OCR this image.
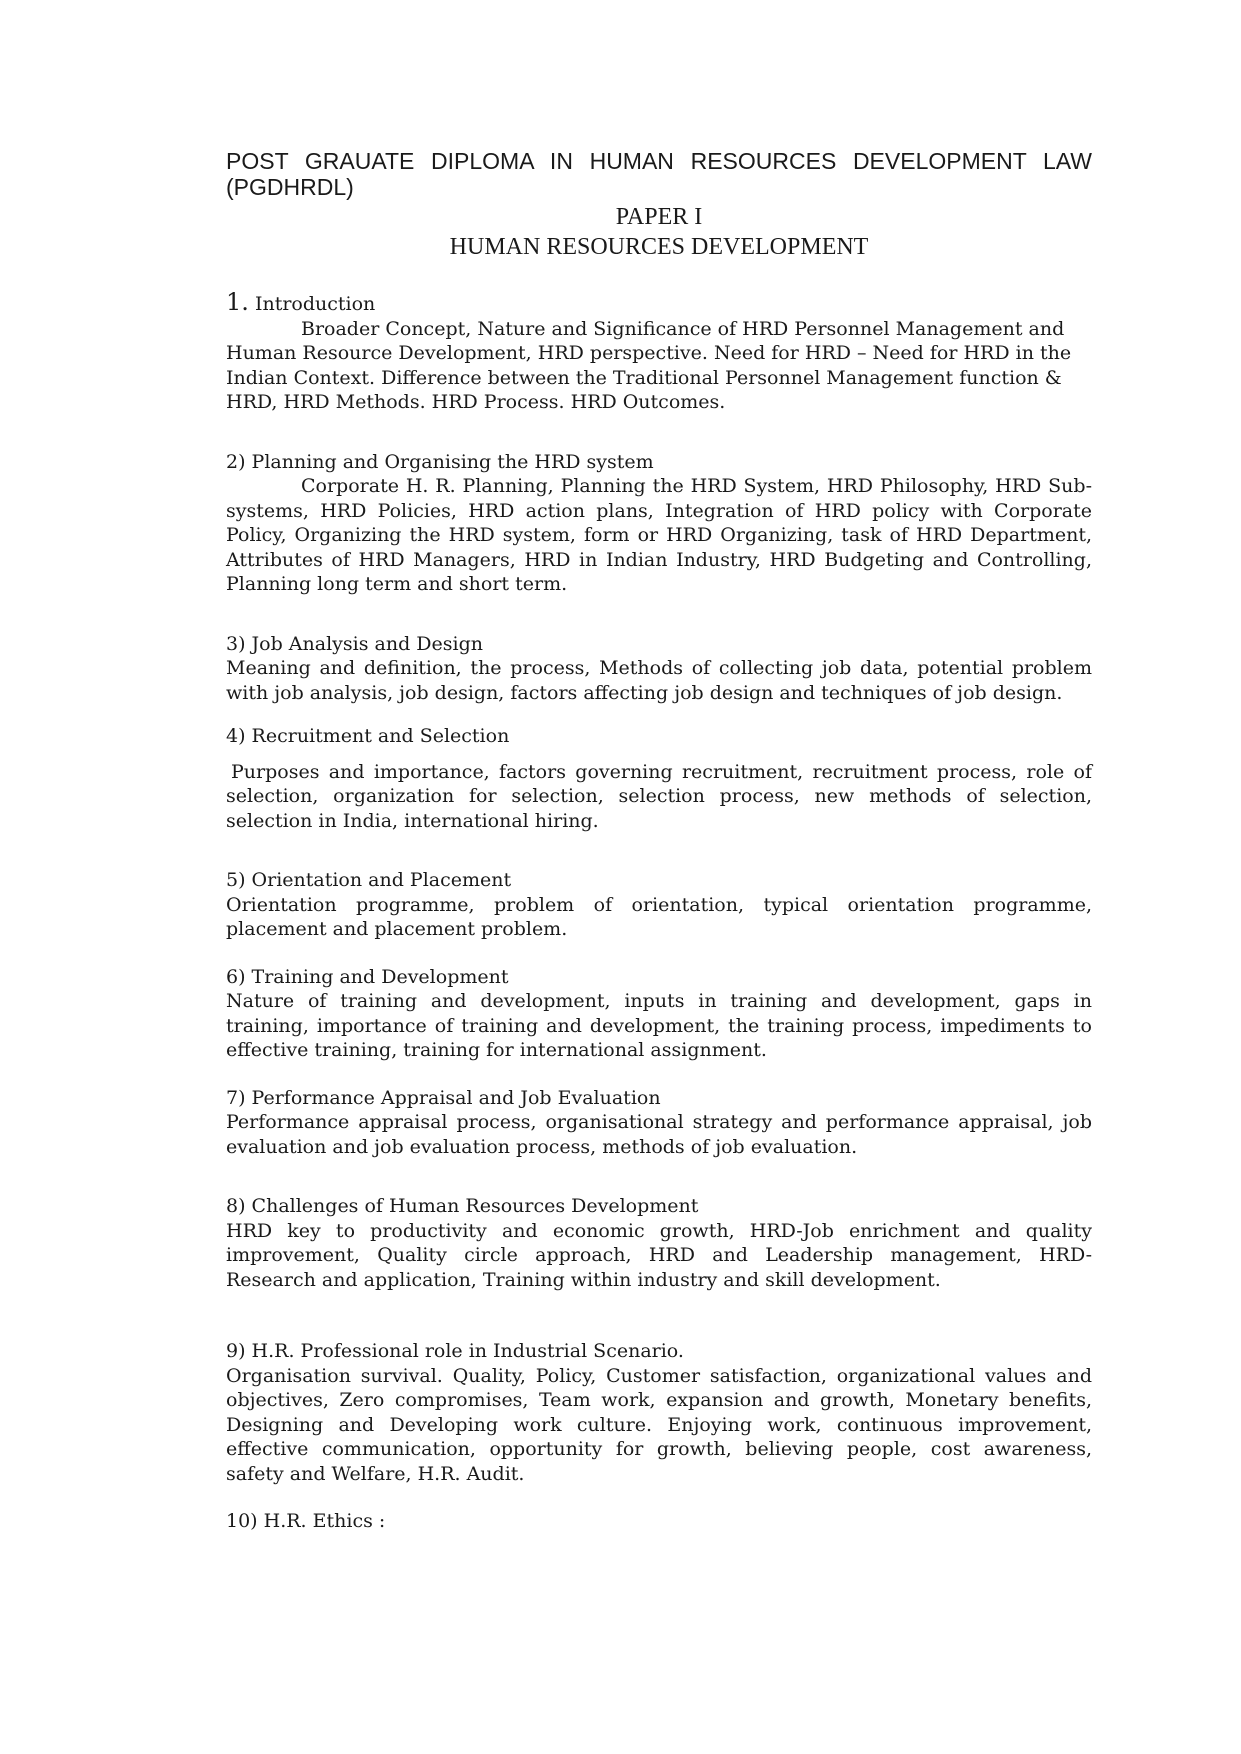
POST GRAUATE DIPLOMA IN HUMAN RESOURCES DEVELOPMENT LAW
(PGDHRDL)
PAPER I
HUMAN RESOURCES DEVELOPMENT
1. Introduction
Broader Concept, Nature and Significance of HRD Personnel Management and Human Resource Development, HRD perspective. Need for HRD – Need for HRD in the Indian Context. Difference between the Traditional Personnel Management function & HRD, HRD Methods. HRD Process. HRD Outcomes.
2) Planning and Organising the HRD system
Corporate H. R. Planning, Planning the HRD System, HRD Philosophy, HRD Sub-systems, HRD Policies, HRD action plans, Integration of HRD policy with Corporate Policy, Organizing the HRD system, form or HRD Organizing, task of HRD Department, Attributes of HRD Managers, HRD in Indian Industry, HRD Budgeting and Controlling, Planning long term and short term.
3) Job Analysis and Design
Meaning and definition, the process, Methods of collecting job data, potential problem with job analysis, job design, factors affecting job design and techniques of job design.
4) Recruitment and Selection
Purposes and importance, factors governing recruitment, recruitment process, role of selection, organization for selection, selection process, new methods of selection, selection in India, international hiring.
5) Orientation and Placement
Orientation programme, problem of orientation, typical orientation programme, placement and placement problem.
6) Training and Development
Nature of training and development, inputs in training and development, gaps in training, importance of training and development, the training process, impediments to effective training, training for international assignment.
7) Performance Appraisal and Job Evaluation
Performance appraisal process, organisational strategy and performance appraisal, job evaluation and job evaluation process, methods of job evaluation.
8) Challenges of Human Resources Development
HRD key to productivity and economic growth, HRD-Job enrichment and quality improvement, Quality circle approach, HRD and Leadership management, HRD-Research and application, Training within industry and skill development.
9) H.R. Professional role in Industrial Scenario.
Organisation survival. Quality, Policy, Customer satisfaction, organizational values and objectives, Zero compromises, Team work, expansion and growth, Monetary benefits, Designing and Developing work culture. Enjoying work, continuous improvement, effective communication, opportunity for growth, believing people, cost awareness, safety and Welfare, H.R. Audit.
10) H.R. Ethics :
